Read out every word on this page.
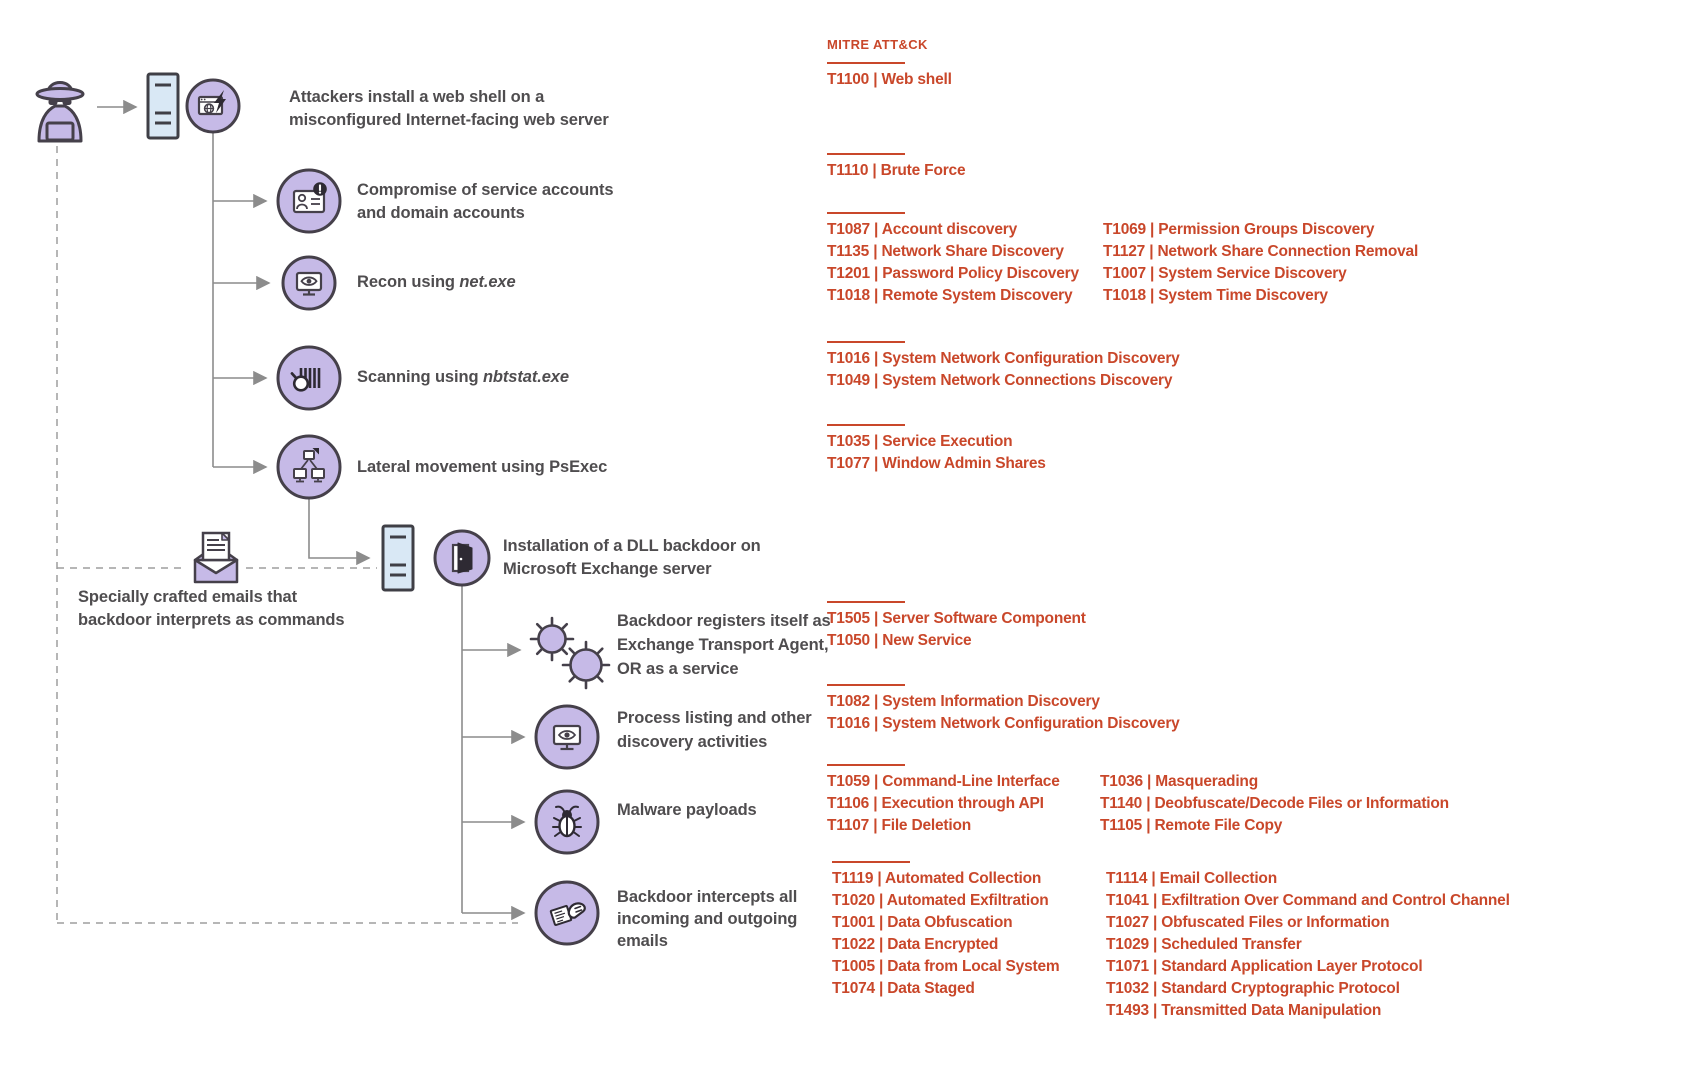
Attackers install a web shell on a
misconfigured Internet-facing web server
Compromise of service accounts
and domain accounts
Recon using net.exe
Scanning using nbtstat.exe
Lateral movement using PsExec
Installation of a DLL backdoor on
Microsoft Exchange server
Specially crafted emails that
backdoor interprets as commands	Backdoor registers itself as
Exchange Transport Agent,
OR as a service
Process listing and other
discovery activities
Malware payloads
Backdoor intercepts all
incoming and outgoing
emails
MITRE ATT&CK
T1100 | Web shell
T1110 | Brute Force
T1087 | Account discovery
T1135 | Network Share Discovery
T1201 | Password Policy Discovery
T1018 | Remote System Discovery
T1069 | Permission Groups Discovery
T1127 | Network Share Connection Removal
T1007 | System Service Discovery
T1018 | System Time Discovery
T1016 | System Network Configuration Discovery
T1049 | System Network Connections Discovery
T1035 | Service Execution
T1077 | Window Admin Shares
T1505 | Server Software Component
T1050 | New Service
T1082 | System Information Discovery
T1016 | System Network Configuration Discovery
T1059 | Command-Line Interface
T1106 | Execution through API
T1107 | File Deletion
T1036 | Masquerading
T1140 | Deobfuscate/Decode Files or Information
T1105 | Remote File Copy
T1119 | Automated Collection
T1020 | Automated Exfiltration
T1001 | Data Obfuscation
T1022 | Data Encrypted
T1005 | Data from Local System
T1074 | Data Staged
T1114 | Email Collection
T1041 | Exfiltration Over Command and Control Channel
T1027 | Obfuscated Files or Information
T1029 | Scheduled Transfer
T1071 | Standard Application Layer Protocol
T1032 | Standard Cryptographic Protocol
T1493 | Transmitted Data Manipulation
